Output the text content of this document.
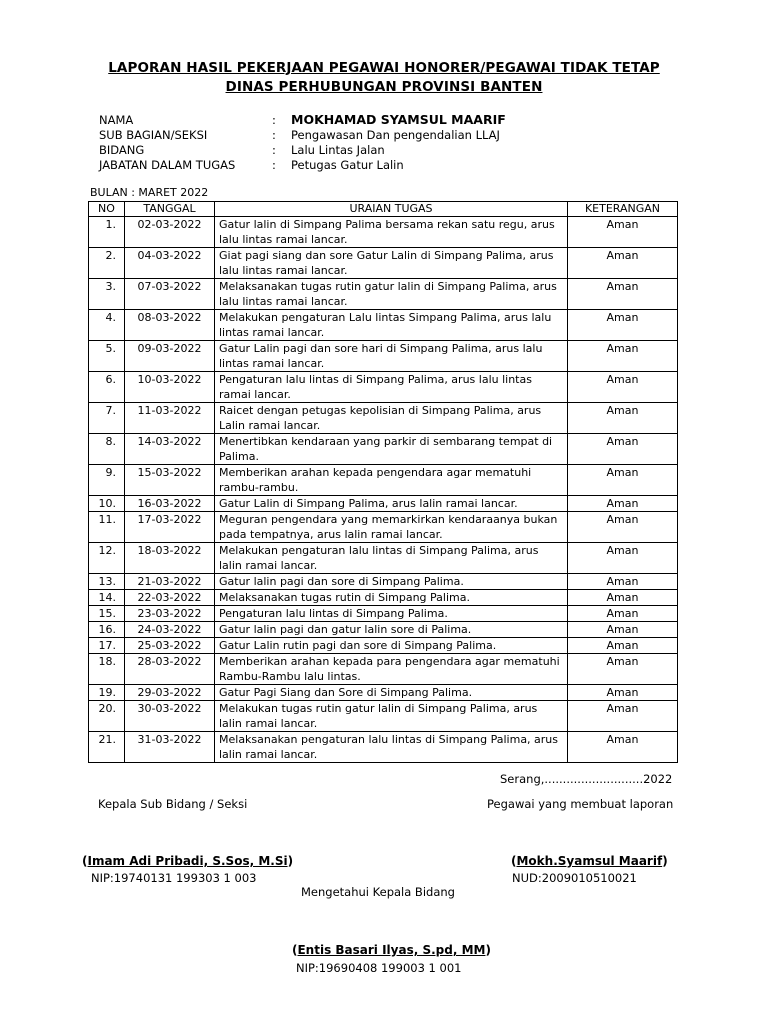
LAPORAN HASIL PEKERJAAN PEGAWAI HONORER/PEGAWAI TIDAK TETAP
DINAS PERHUBUNGAN PROVINSI BANTEN
NAMA	: MOKHAMAD SYAMSUL MAARIF
SUB BAGIAN/SEKSI	: Pengawasan Dan pengendalian LLAJ
BIDANG	: Lalu Lintas Jalan
JABATAN DALAM TUGAS	: Petugas Gatur Lalin
BULAN : MARET 2022
NO	TANGGAL	URAIAN TUGAS	KETERANGAN
1.	02-03-2022	Gatur lalin di Simpang Palima bersama rekan satu regu, arus lalu lintas ramai lancar.	Aman
2.	04-03-2022	Giat pagi siang dan sore Gatur Lalin di Simpang Palima, arus lalu lintas ramai lancar.	Aman
3.	07-03-2022	Melaksanakan tugas rutin gatur lalin di Simpang Palima, arus lalu lintas ramai lancar.	Aman
4.	08-03-2022	Melakukan pengaturan Lalu lintas Simpang Palima, arus lalu lintas ramai lancar.	Aman
5.	09-03-2022	Gatur Lalin pagi dan sore hari di Simpang Palima, arus lalu lintas ramai lancar.	Aman
6.	10-03-2022	Pengaturan lalu lintas di Simpang Palima, arus lalu lintas ramai lancar.	Aman
7.	11-03-2022	Raicet dengan petugas kepolisian di Simpang Palima, arus Lalin ramai lancar.	Aman
8.	14-03-2022	Menertibkan kendaraan yang parkir di sembarang tempat di Palima.	Aman
9.	15-03-2022	Memberikan arahan kepada pengendara agar mematuhi rambu-rambu.	Aman
10.	16-03-2022	Gatur Lalin di Simpang Palima, arus lalin ramai lancar.	Aman
11.	17-03-2022	Meguran pengendara yang memarkirkan kendaraanya bukan pada tempatnya, arus lalin ramai lancar.	Aman
12.	18-03-2022	Melakukan pengaturan lalu lintas di Simpang Palima, arus lalin ramai lancar.	Aman
13.	21-03-2022	Gatur lalin pagi dan sore di Simpang Palima.	Aman
14.	22-03-2022	Melaksanakan tugas rutin di Simpang Palima.	Aman
15.	23-03-2022	Pengaturan lalu lintas di Simpang Palima.	Aman
16.	24-03-2022	Gatur lalin pagi dan gatur lalin sore di Palima.	Aman
17.	25-03-2022	Gatur Lalin rutin pagi dan sore di Simpang Palima.	Aman
18.	28-03-2022	Memberikan arahan kepada para pengendara agar mematuhi Rambu-Rambu lalu lintas.	Aman
19.	29-03-2022	Gatur Pagi Siang dan Sore di Simpang Palima.	Aman
20.	30-03-2022	Melakukan tugas rutin gatur lalin di Simpang Palima, arus lalin ramai lancar.	Aman
21.	31-03-2022	Melaksanakan pengaturan lalu lintas di Simpang Palima, arus lalin ramai lancar.	Aman
Serang,...........................2022
Kepala Sub Bidang / Seksi	Pegawai yang membuat laporan
(Imam Adi Pribadi, S.Sos, M.Si)
NIP:19740131 199303 1 003
(Mokh.Syamsul Maarif)
NUD:2009010510021
Mengetahui Kepala Bidang
(Entis Basari Ilyas, S.pd, MM)
NIP:19690408 199003 1 001
